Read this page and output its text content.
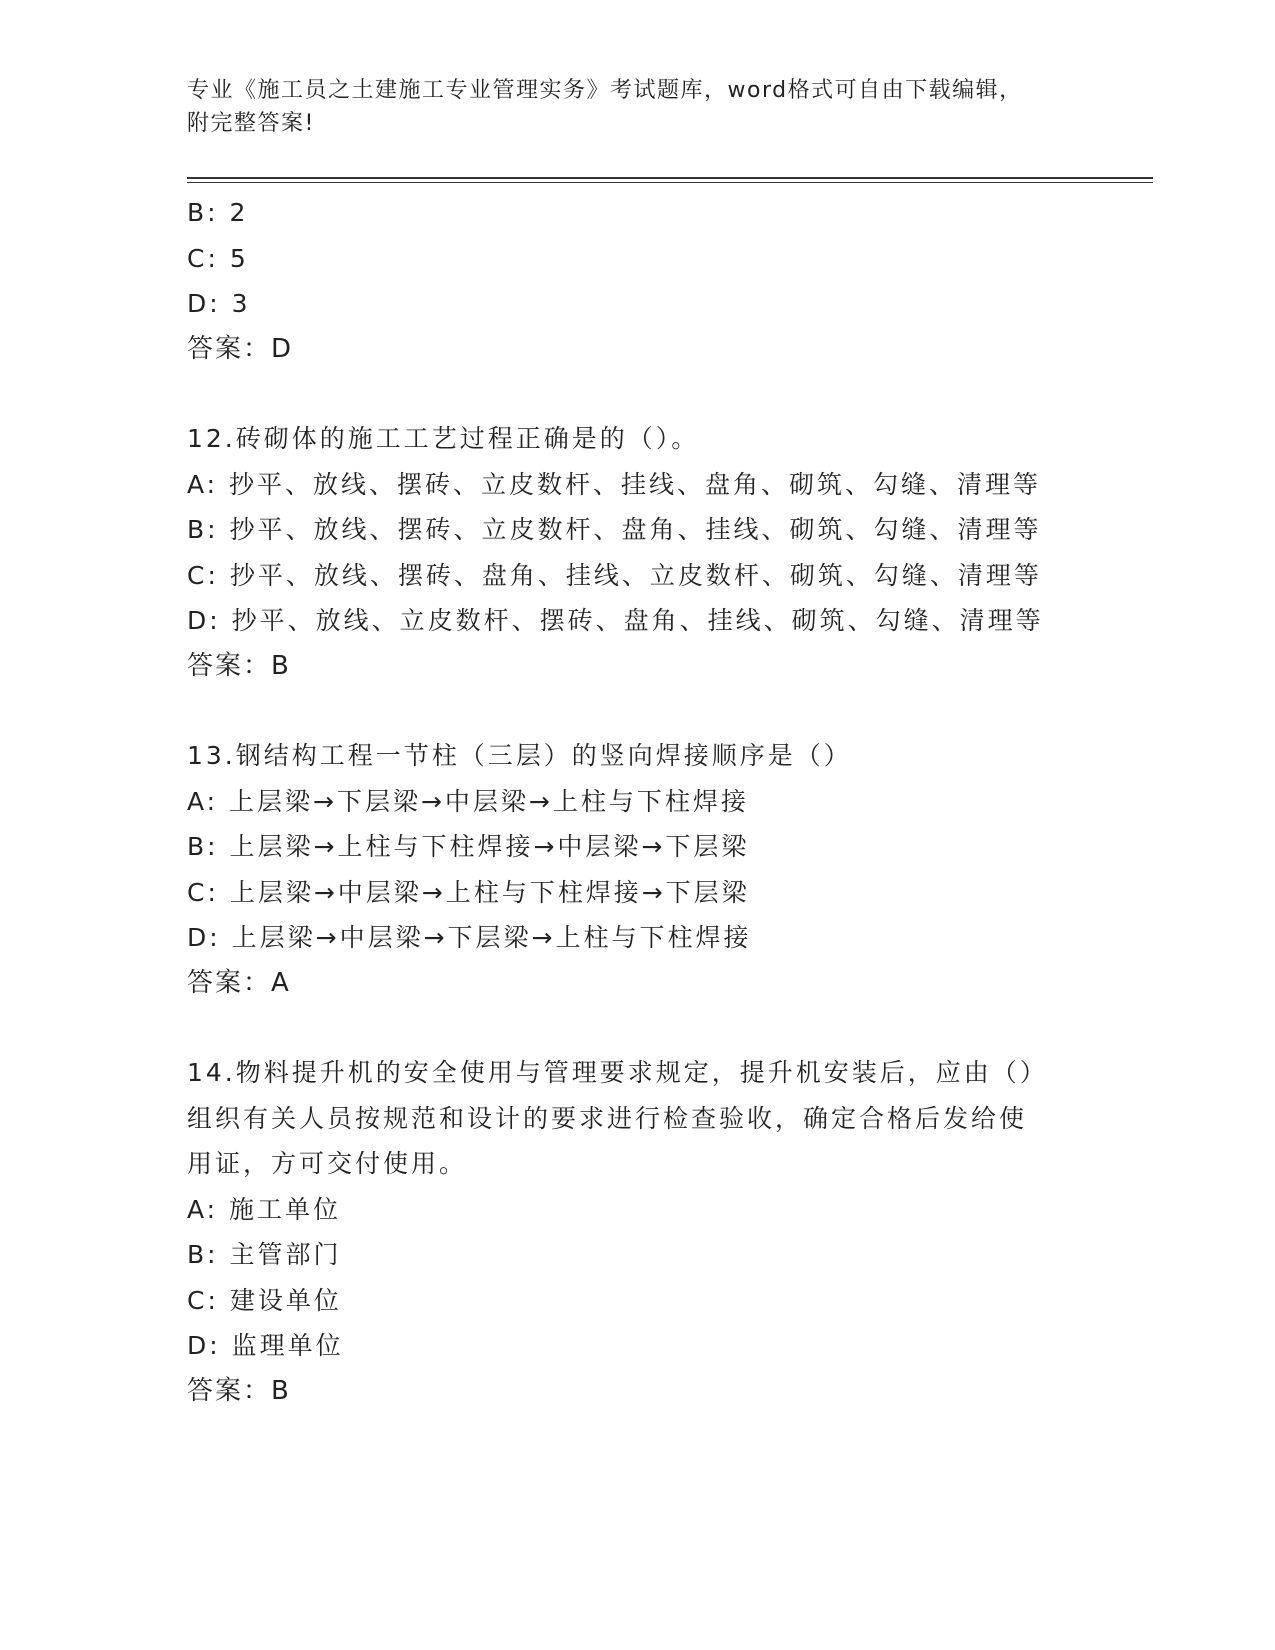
专业《施工员之土建施工专业管理实务》考试题库，word格式可自由下载编辑，
附完整答案!
B: 2
C: 5
D: 3
答案：D
12.砖砌体的施工工艺过程正确是的（）。
A: 抄平、放线、摆砖、立皮数杆、挂线、盘角、砌筑、勾缝、清理等
B: 抄平、放线、摆砖、立皮数杆、盘角、挂线、砌筑、勾缝、清理等
C: 抄平、放线、摆砖、盘角、挂线、立皮数杆、砌筑、勾缝、清理等
D: 抄平、放线、立皮数杆、摆砖、盘角、挂线、砌筑、勾缝、清理等
答案：B
13.钢结构工程一节柱（三层）的竖向焊接顺序是（）
A: 上层梁→下层梁→中层梁→上柱与下柱焊接
B: 上层梁→上柱与下柱焊接→中层梁→下层梁
C: 上层梁→中层梁→上柱与下柱焊接→下层梁
D: 上层梁→中层梁→下层梁→上柱与下柱焊接
答案：A
14.物料提升机的安全使用与管理要求规定，提升机安装后，应由（）
组织有关人员按规范和设计的要求进行检查验收，确定合格后发给使
用证，方可交付使用。
A: 施工单位
B: 主管部门
C: 建设单位
D: 监理单位
答案：B
